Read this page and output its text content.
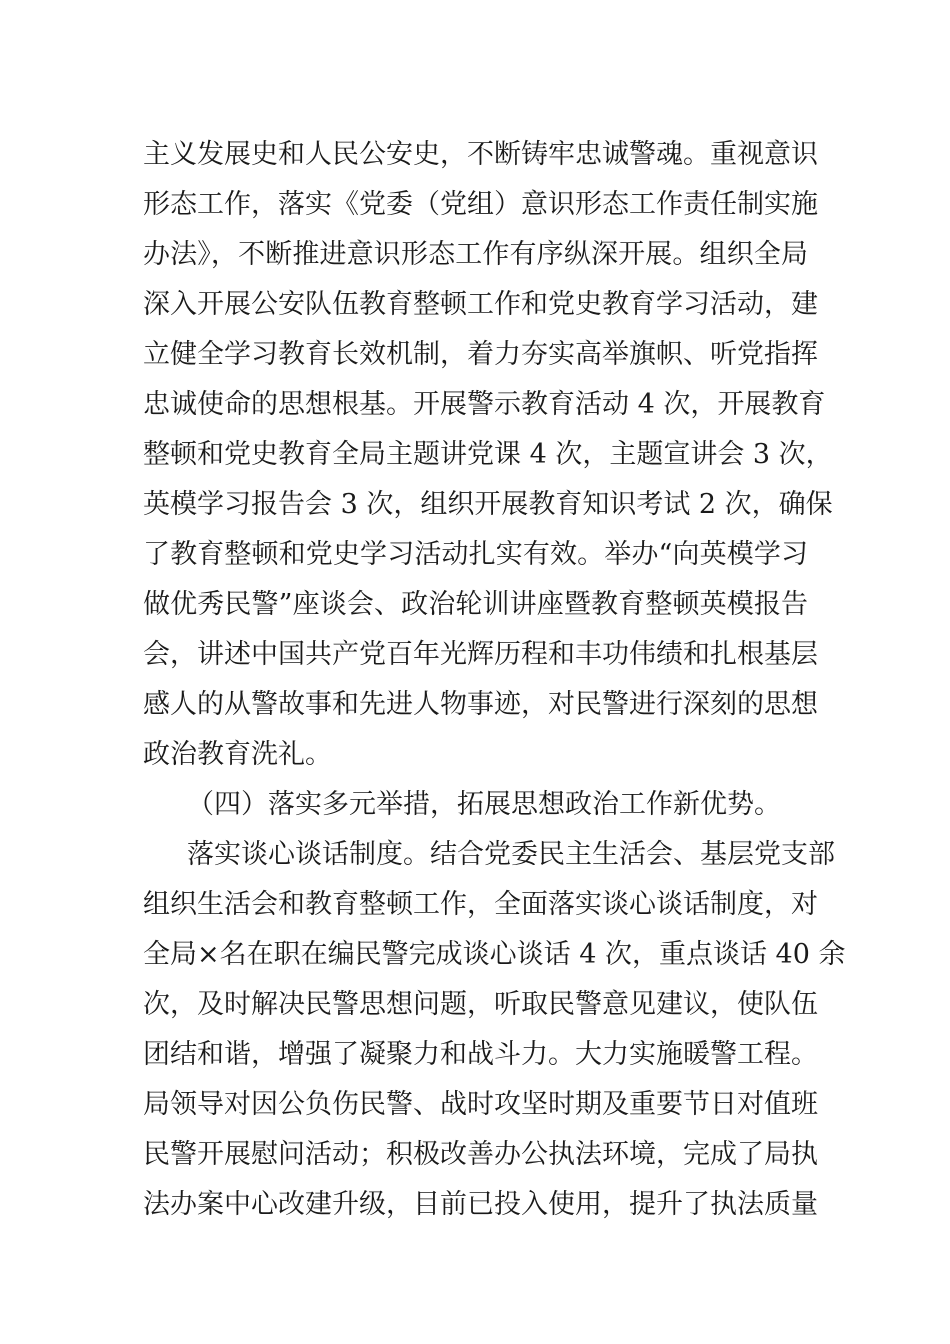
主义发展史和人民公安史，不断铸牢忠诚警魂。重视意识
形态工作，落实《党委（党组）意识形态工作责任制实施
办法》，不断推进意识形态工作有序纵深开展。组织全局
深入开展公安队伍教育整顿工作和党史教育学习活动，建
立健全学习教育长效机制，着力夯实高举旗帜、听党指挥
忠诚使命的思想根基。开展警示教育活动 4 次，开展教育
整顿和党史教育全局主题讲党课 4 次，主题宣讲会 3 次，
英模学习报告会 3 次，组织开展教育知识考试 2 次，确保
了教育整顿和党史学习活动扎实有效。举办“向英模学习
做优秀民警”座谈会、政治轮训讲座暨教育整顿英模报告
会，讲述中国共产党百年光辉历程和丰功伟绩和扎根基层
感人的从警故事和先进人物事迹，对民警进行深刻的思想
政治教育洗礼。
（四）落实多元举措，拓展思想政治工作新优势。
落实谈心谈话制度。结合党委民主生活会、基层党支部
组织生活会和教育整顿工作，全面落实谈心谈话制度，对
全局×名在职在编民警完成谈心谈话 4 次，重点谈话 40 余
次，及时解决民警思想问题，听取民警意见建议，使队伍
团结和谐，增强了凝聚力和战斗力。大力实施暖警工程。
局领导对因公负伤民警、战时攻坚时期及重要节日对值班
民警开展慰问活动；积极改善办公执法环境，完成了局执
法办案中心改建升级，目前已投入使用，提升了执法质量
